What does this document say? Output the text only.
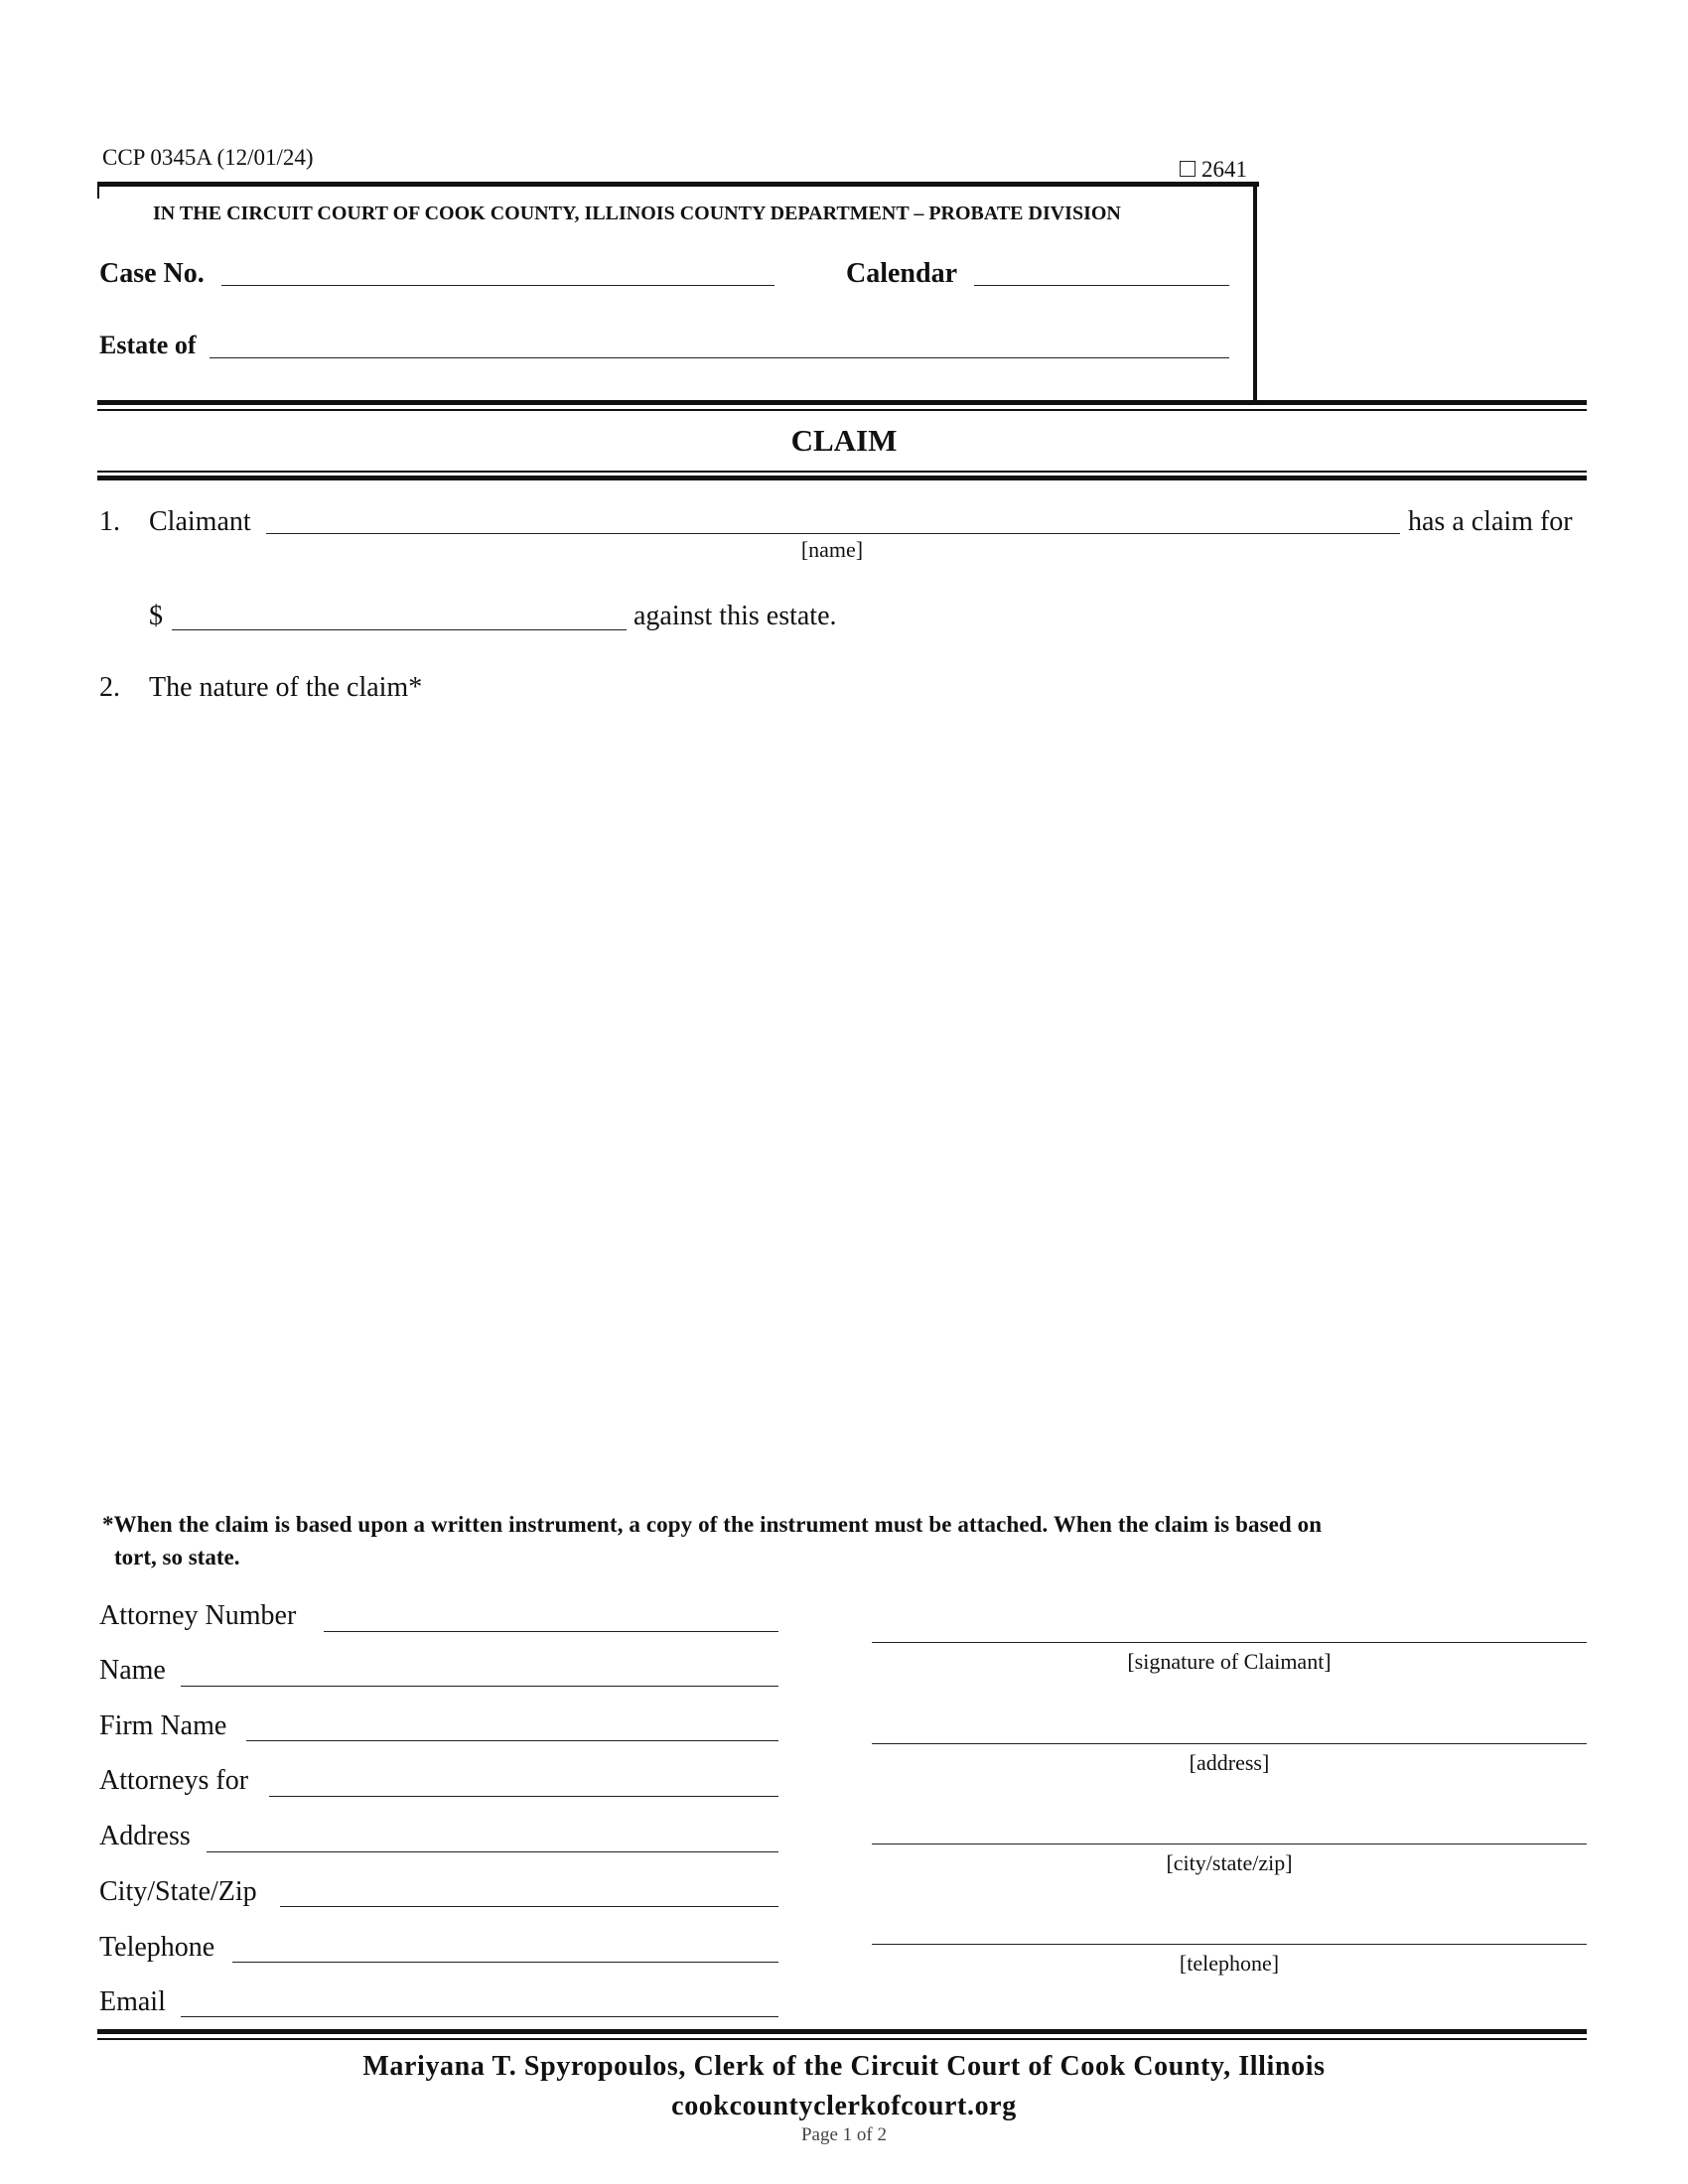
CCP 0345A (12/01/24)	2641
IN THE CIRCUIT COURT OF COOK COUNTY, ILLINOIS COUNTY DEPARTMENT – PROBATE DIVISION
Case No.	Calendar
Estate of
CLAIM
1. Claimant	has a claim for
[name]
$	against this estate.
2. The nature of the claim*
*When the claim is based upon a written instrument, a copy of the instrument must be attached. When the claim is based on
tort, so state.
Attorney Number
Name
Firm Name
Attorneys for
Address
City/State/Zip
Telephone
Email
[signature of Claimant]
[address]
[city/state/zip]
[telephone]
Mariyana T. Spyropoulos, Clerk of the Circuit Court of Cook County, Illinois
cookcountyclerkofcourt.org
Page 1 of 2
